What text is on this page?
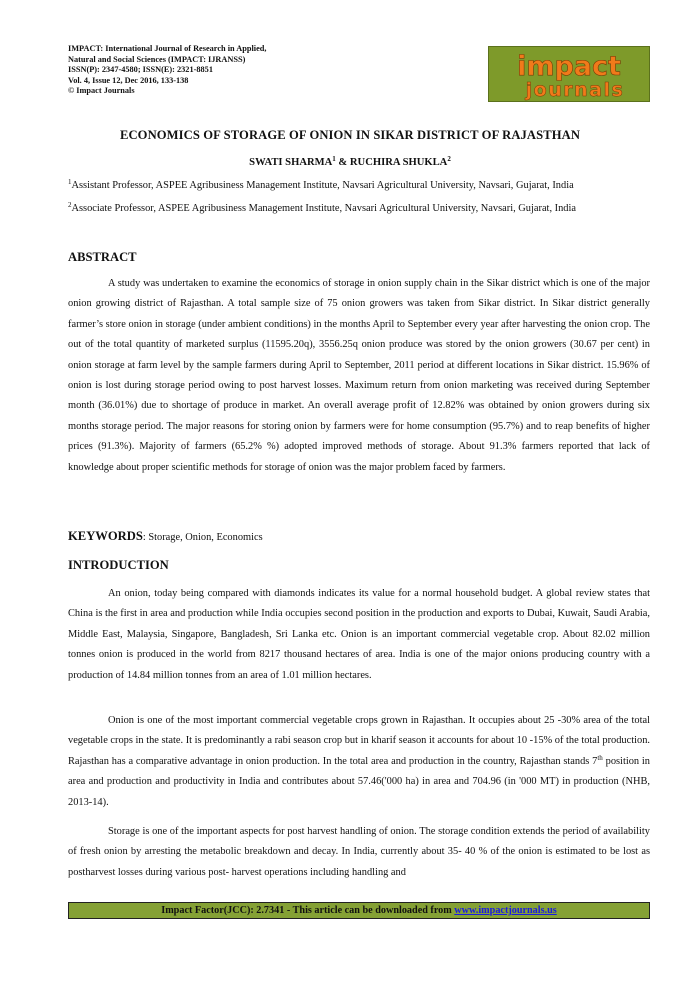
IMPACT: International Journal of Research in Applied,
Natural and Social Sciences (IMPACT: IJRANSS)
ISSN(P): 2347-4580; ISSN(E): 2321-8851
Vol. 4, Issue 12, Dec 2016, 133-138
© Impact Journals
impact
journals
ECONOMICS OF STORAGE OF ONION IN SIKAR DISTRICT OF RAJASTHAN
SWATI SHARMA$^1$ & RUCHIRA SHUKLA$^2$
$^1$Assistant Professor, ASPEE Agribusiness Management Institute, Navsari Agricultural University, Navsari, Gujarat, India
$^2$Associate Professor, ASPEE Agribusiness Management Institute, Navsari Agricultural University, Navsari, Gujarat, India
ABSTRACT

A study was undertaken to examine the economics of storage in onion supply chain in the Sikar district which is one of the major onion growing district of Rajasthan. A total sample size of 75 onion growers was taken from Sikar district. In Sikar district generally farmer’s store onion in storage (under ambient conditions) in the months April to September every year after harvesting the onion crop. The out of the total quantity of marketed surplus (11595.20q), 3556.25q onion produce was stored by the onion growers (30.67 per cent) in onion storage at farm level by the sample farmers during April to September, 2011 period at different locations in Sikar district. 15.96% of onion is lost during storage period owing to post harvest losses. Maximum return from onion marketing was received during September month (36.01%) due to shortage of produce in market. An overall average profit of 12.82% was obtained by onion growers during six months storage period. The major reasons for storing onion by farmers were for home consumption (95.7%) and to reap benefits of higher prices (91.3%). Majority of farmers (65.2% %) adopted improved methods of storage. About 91.3% farmers reported that lack of knowledge about proper scientific methods for storage of onion was the major problem faced by farmers.

KEYWORDS: Storage, Onion, Economics
INTRODUCTION

An onion, today being compared with diamonds indicates its value for a normal household budget. A global review states that China is the first in area and production while India occupies second position in the production and exports to Dubai, Kuwait, Saudi Arabia, Middle East, Malaysia, Singapore, Bangladesh, Sri Lanka etc. Onion is an important commercial vegetable crop. About 82.02 million tonnes onion is produced in the world from 8217 thousand hectares of area. India is one of the major onions producing country with a production of 14.84 million tonnes from an area of 1.01 million hectares.

Onion is one of the most important commercial vegetable crops grown in Rajasthan. It occupies about 25 -30% area of the total vegetable crops in the state. It is predominantly a rabi season crop but in kharif season it accounts for about 10 -15% of the total production. Rajasthan has a comparative advantage in onion production. In the total area and production in the country, Rajasthan stands 7th position in area and production and productivity in India and contributes about 57.46('000 ha) in area and 704.96 (in '000 MT) in production (NHB, 2013-14).

Storage is one of the important aspects for post harvest handling of onion. The storage condition extends the period of availability of fresh onion by arresting the metabolic breakdown and decay. In India, currently about 35- 40 % of the onion is estimated to be lost as postharvest losses during various post- harvest operations including handling and

Impact Factor(JCC): 2.7341 - This article can be downloaded from www.impactjournals.us
